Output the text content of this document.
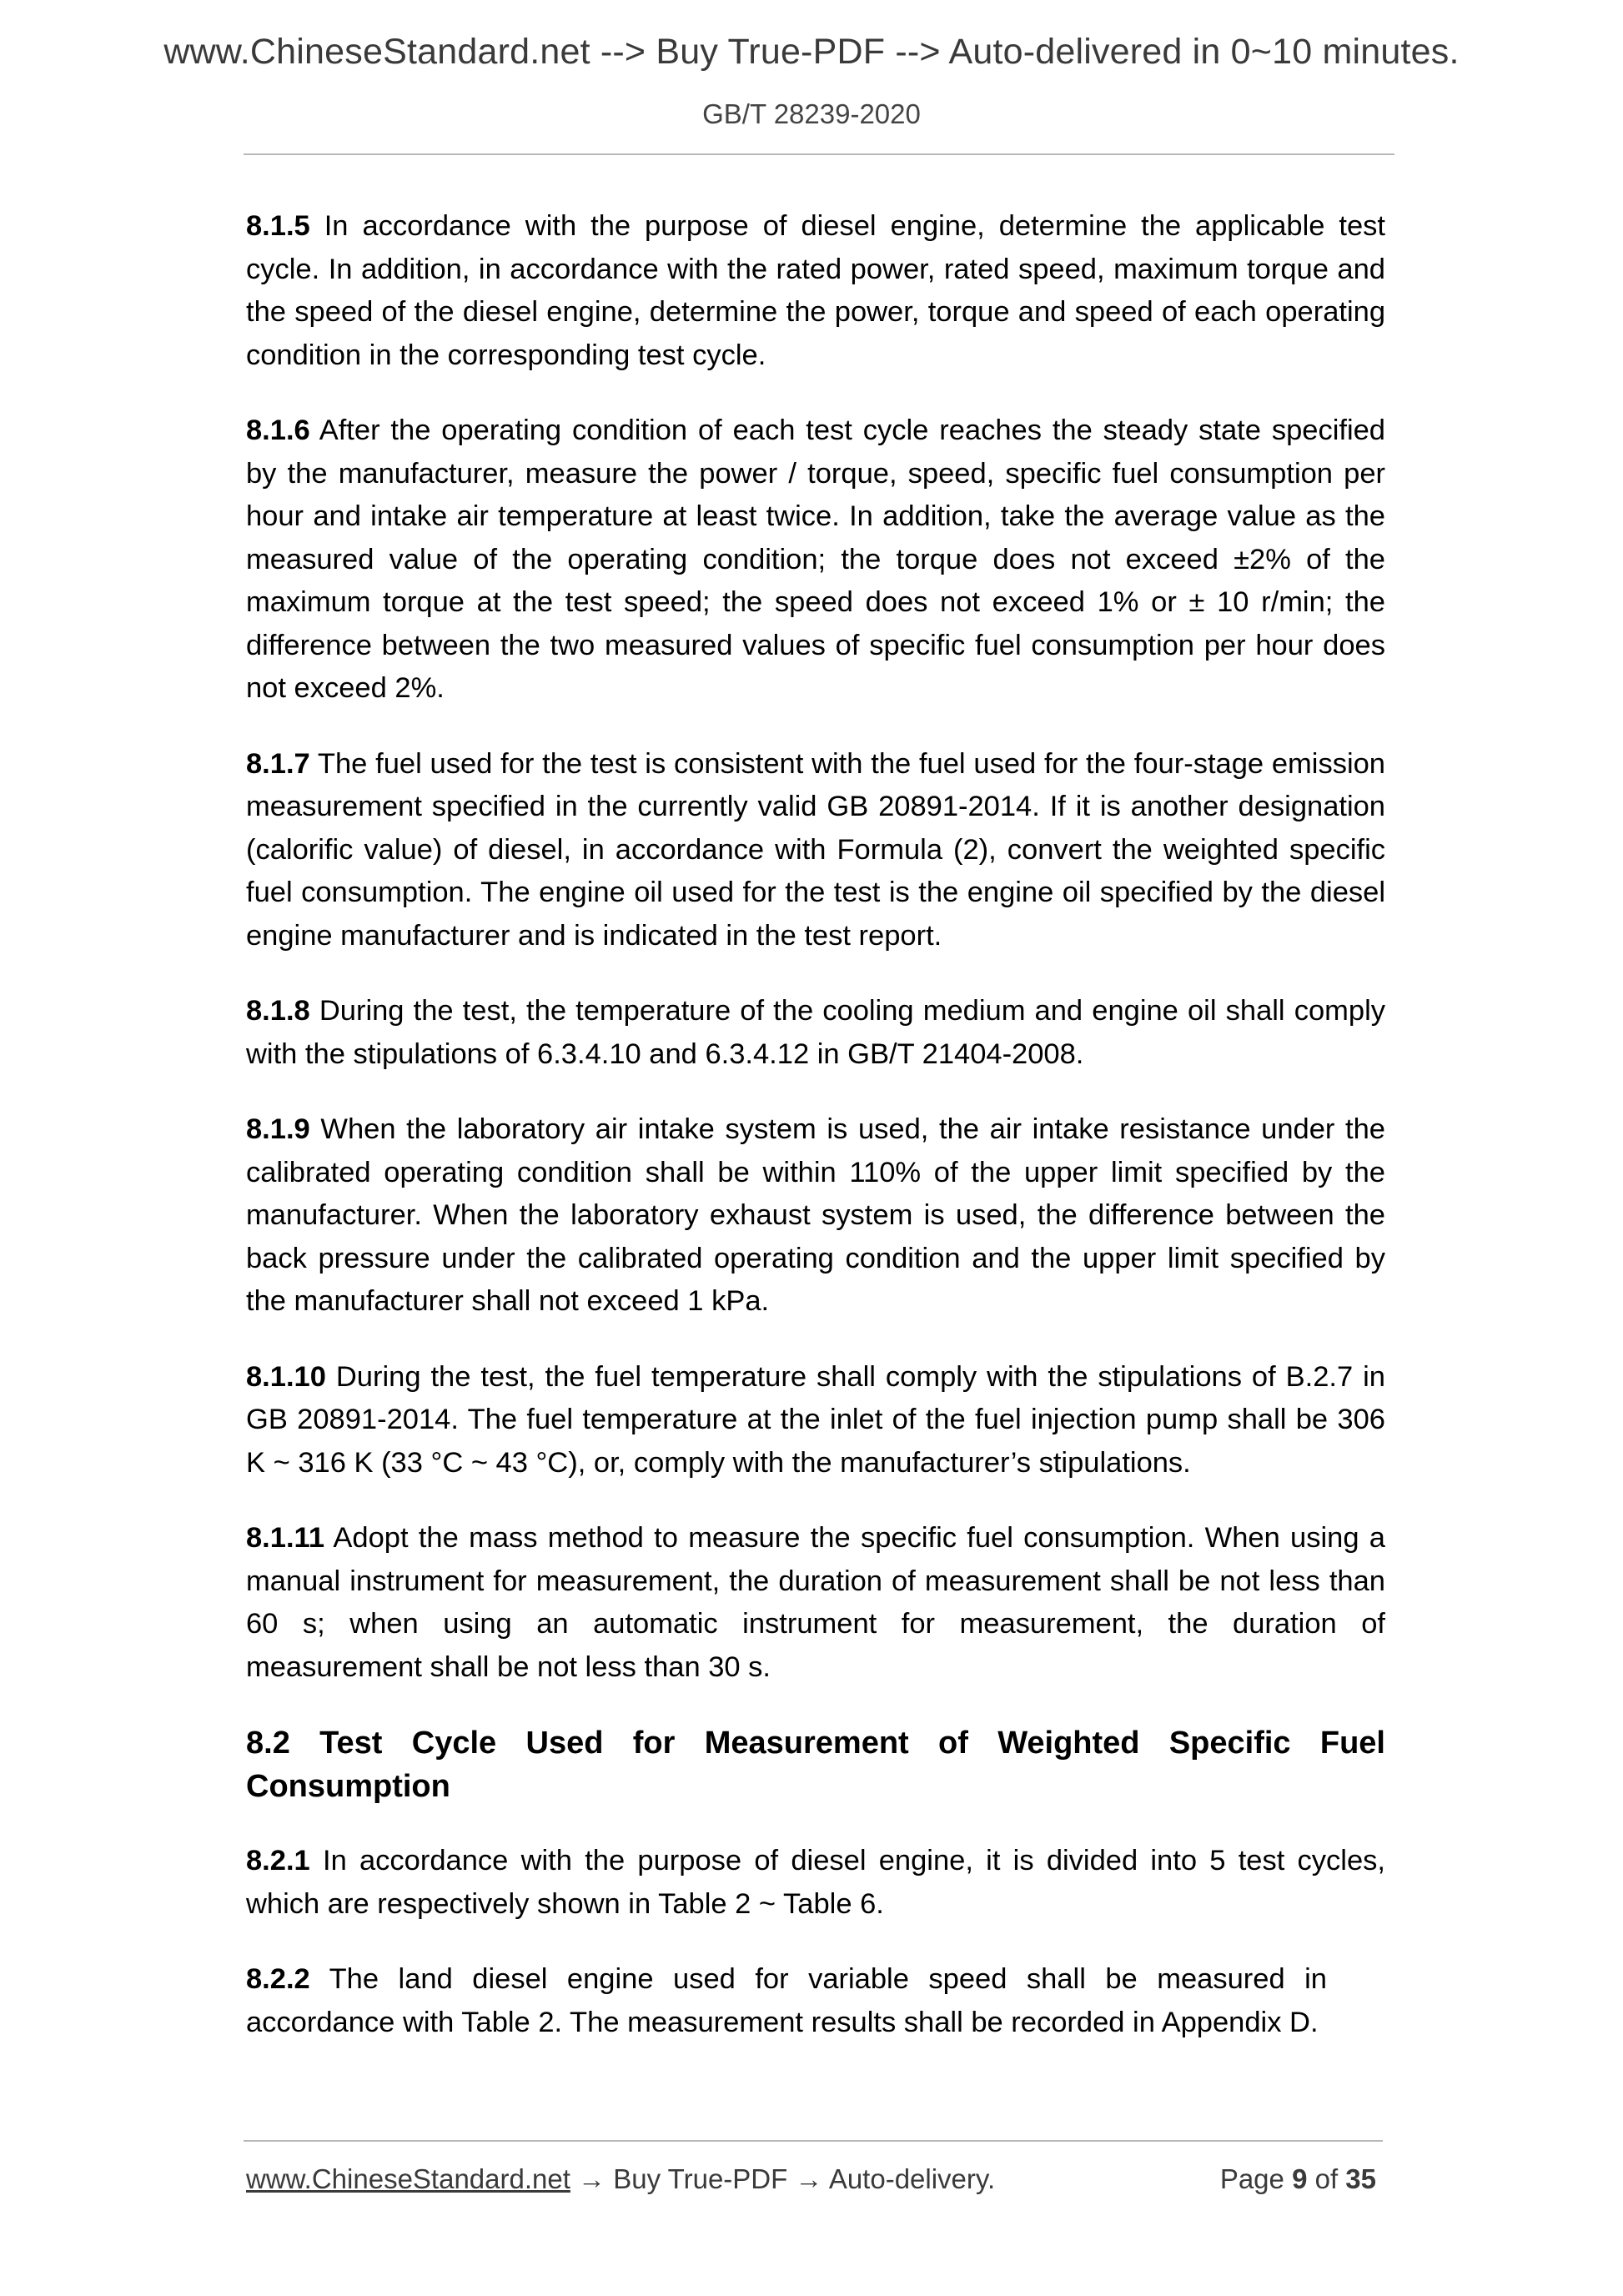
www.ChineseStandard.net --> Buy True-PDF --> Auto-delivered in 0~10 minutes.
GB/T 28239-2020

8.1.5 In accordance with the purpose of diesel engine, determine the applicable test cycle. In addition, in accordance with the rated power, rated speed, maximum torque and the speed of the diesel engine, determine the power, torque and speed of each operating condition in the corresponding test cycle.

8.1.6 After the operating condition of each test cycle reaches the steady state specified by the manufacturer, measure the power / torque, speed, specific fuel consumption per hour and intake air temperature at least twice. In addition, take the average value as the measured value of the operating condition; the torque does not exceed ±2% of the maximum torque at the test speed; the speed does not exceed 1% or ± 10 r/min; the difference between the two measured values of specific fuel consumption per hour does not exceed 2%.

8.1.7 The fuel used for the test is consistent with the fuel used for the four-stage emission measurement specified in the currently valid GB 20891-2014. If it is another designation (calorific value) of diesel, in accordance with Formula (2), convert the weighted specific fuel consumption. The engine oil used for the test is the engine oil specified by the diesel engine manufacturer and is indicated in the test report.

8.1.8 During the test, the temperature of the cooling medium and engine oil shall comply with the stipulations of 6.3.4.10 and 6.3.4.12 in GB/T 21404-2008.

8.1.9 When the laboratory air intake system is used, the air intake resistance under the calibrated operating condition shall be within 110% of the upper limit specified by the manufacturer. When the laboratory exhaust system is used, the difference between the back pressure under the calibrated operating condition and the upper limit specified by the manufacturer shall not exceed 1 kPa.

8.1.10 During the test, the fuel temperature shall comply with the stipulations of B.2.7 in GB 20891-2014. The fuel temperature at the inlet of the fuel injection pump shall be 306 K ~ 316 K (33 °C ~ 43 °C), or, comply with the manufacturer’s stipulations.

8.1.11 Adopt the mass method to measure the specific fuel consumption. When using a manual instrument for measurement, the duration of measurement shall be not less than 60 s; when using an automatic instrument for measurement, the duration of measurement shall be not less than 30 s.

8.2 Test Cycle Used for Measurement of Weighted Specific Fuel Consumption

8.2.1 In accordance with the purpose of diesel engine, it is divided into 5 test cycles, which are respectively shown in Table 2 ~ Table 6.

8.2.2 The land diesel engine used for variable speed shall be measured in accordance with Table 2. The measurement results shall be recorded in Appendix D.

www.ChineseStandard.net → Buy True-PDF → Auto-delivery.	Page 9 of 35
